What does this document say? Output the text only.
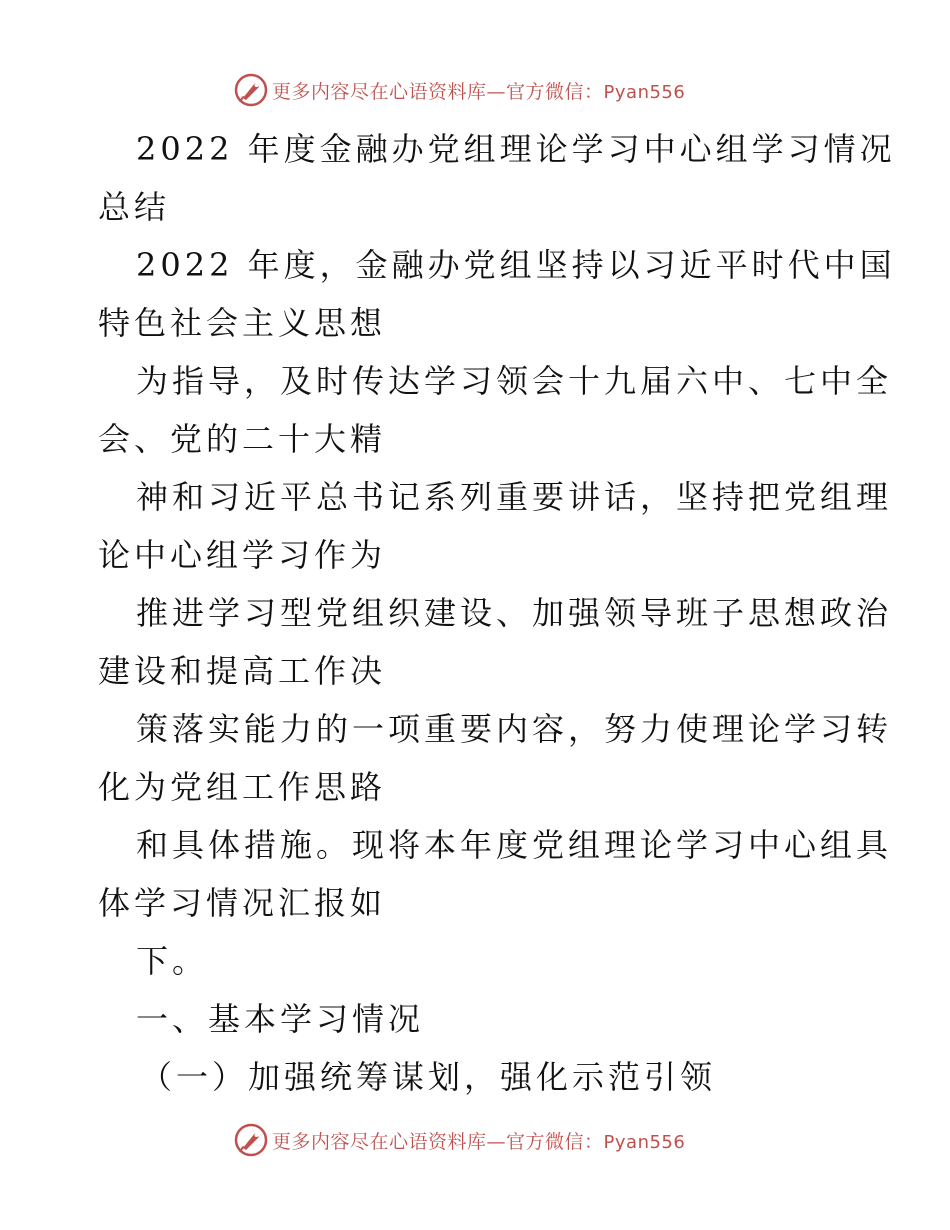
更多内容尽在心语资料库—官方微信：Pyan556
2022 年度金融办党组理论学习中心组学习情况
总结
2022 年度，金融办党组坚持以习近平时代中国
特色社会主义思想
为指导，及时传达学习领会十九届六中、七中全
会、党的二十大精
神和习近平总书记系列重要讲话，坚持把党组理
论中心组学习作为
推进学习型党组织建设、加强领导班子思想政治
建设和提高工作决
策落实能力的一项重要内容，努力使理论学习转
化为党组工作思路
和具体措施。现将本年度党组理论学习中心组具
体学习情况汇报如
下。
一、基本学习情况
（一）加强统筹谋划，强化示范引领
更多内容尽在心语资料库—官方微信：Pyan556
